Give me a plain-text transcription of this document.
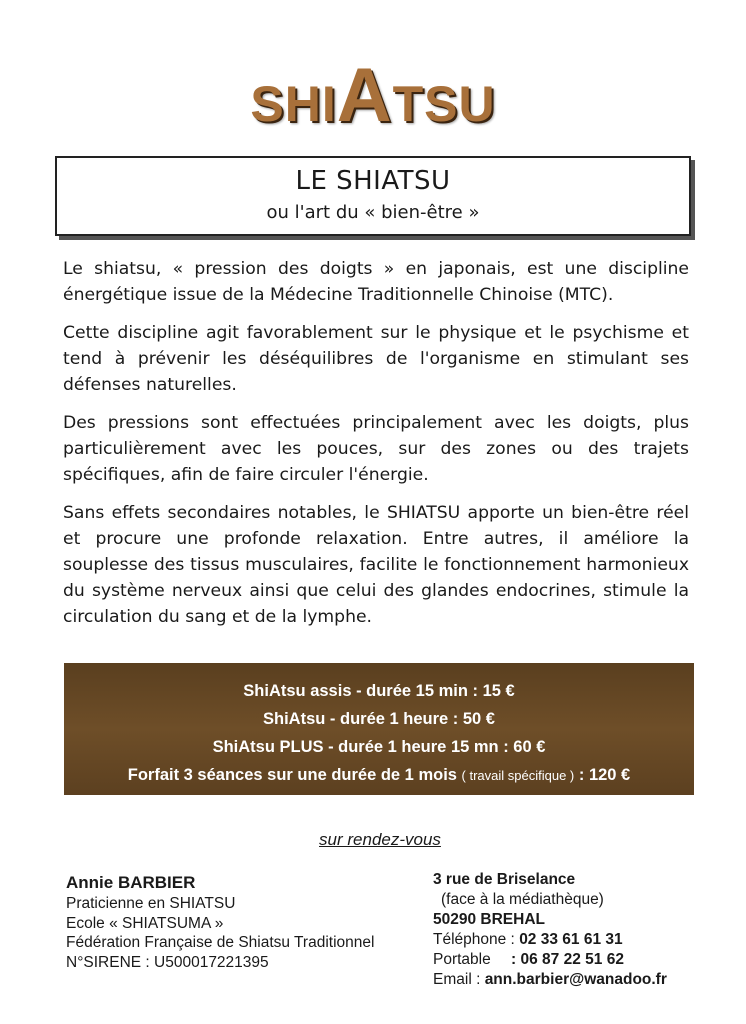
SHIATSU
LE SHIATSU
ou l'art du « bien-être »

Le shiatsu, « pression des doigts » en japonais, est une discipline énergétique issue de la Médecine Traditionnelle Chinoise (MTC).

Cette discipline agit favorablement sur le physique et le psychisme et tend à prévenir les déséquilibres de l'organisme en stimulant ses défenses naturelles.

Des pressions sont effectuées principalement avec les doigts, plus particulièrement avec les pouces, sur des zones ou des trajets spécifiques, afin de faire circuler l'énergie.

Sans effets secondaires notables, le SHIATSU apporte un bien-être réel et procure une profonde relaxation. Entre autres, il améliore la souplesse des tissus musculaires, facilite le fonctionnement harmonieux du système nerveux ainsi que celui des glandes endocrines, stimule la circulation du sang et de la lymphe.

ShiAtsu assis - durée 15 min : 15 €
ShiAtsu - durée 1 heure : 50 €
ShiAtsu PLUS - durée 1 heure 15 mn : 60 €
Forfait 3 séances sur une durée de 1 mois ( travail spécifique ) : 120 €
sur rendez-vous
Annie BARBIER
Praticienne en SHIATSU
Ecole « SHIATSUMA »
Fédération Française de Shiatsu Traditionnel
N°SIRENE : U500017221395
3 rue de Briselance
(face à la médiathèque)
50290 BREHAL
Téléphone : 02 33 61 61 31
Portable : 06 87 22 51 62
Email : ann.barbier@wanadoo.fr
